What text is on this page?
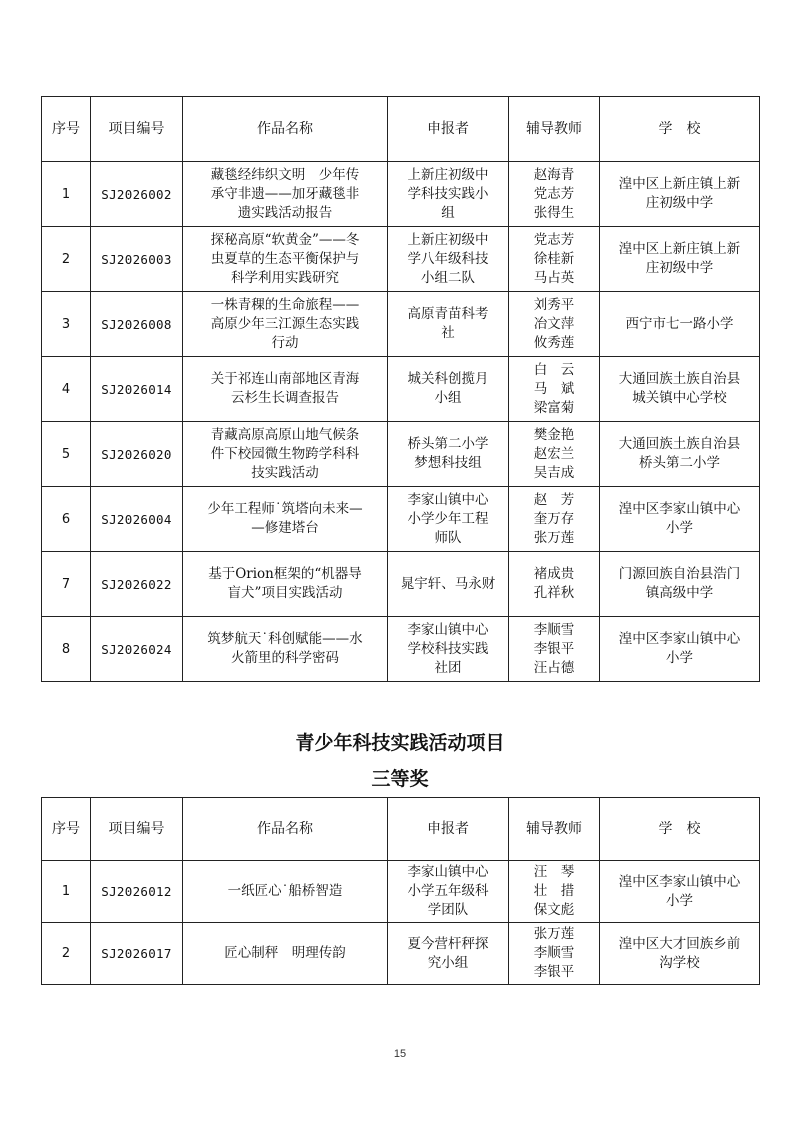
序号	项目编号	作品名称	申报者	辅导教师	学　校
1	SJ2026002	藏毯经纬织文明　少年传
承守非遗——加牙藏毯非
遗实践活动报告	上新庄初级中
学科技实践小
组	赵海青
党志芳
张得生	湟中区上新庄镇上新
庄初级中学

2	SJ2026003	探秘高原“软黄金”——冬
虫夏草的生态平衡保护与
科学利用实践研究	上新庄初级中
学八年级科技
小组二队	党志芳
徐桂新
马占英	湟中区上新庄镇上新
庄初级中学

3	SJ2026008	一株青稞的生命旅程——
高原少年三江源生态实践
行动	高原青苗科考
社	刘秀平
冶文萍
攸秀莲	西宁市七一路小学

4	SJ2026014	关于祁连山南部地区青海
云杉生长调查报告	城关科创揽月
小组	白　云
马　斌
梁富菊	大通回族土族自治县
城关镇中心学校

5	SJ2026020	青藏高原高原山地气候条
件下校园微生物跨学科科
技实践活动	桥头第二小学
梦想科技组	樊金艳
赵宏兰
吴吉成	大通回族土族自治县
桥头第二小学

6	SJ2026004	少年工程师˙筑塔向未来—
—修建塔台	李家山镇中心
小学少年工程
师队	赵　芳
奎万存
张万莲	湟中区李家山镇中心
小学

7	SJ2026022	基于Orion框架的“机器导
盲犬”项目实践活动	晁宇轩、马永财	褚成贵
孔祥秋	门源回族自治县浩门
镇高级中学

8	SJ2026024	筑梦航天˙科创赋能——水
火箭里的科学密码	李家山镇中心
学校科技实践
社团	李顺雪
李银平
汪占德	湟中区李家山镇中心
小学
青少年科技实践活动项目
三等奖
序号	项目编号	作品名称	申报者	辅导教师	学　校
1	SJ2026012	一纸匠心˙船桥智造	李家山镇中心
小学五年级科
学团队	汪　琴
壮　措
保文彪	湟中区李家山镇中心
小学

2	SJ2026017	匠心制秤　明理传韵	夏今营杆秤探
究小组	张万莲
李顺雪
李银平	湟中区大才回族乡前
沟学校
15
